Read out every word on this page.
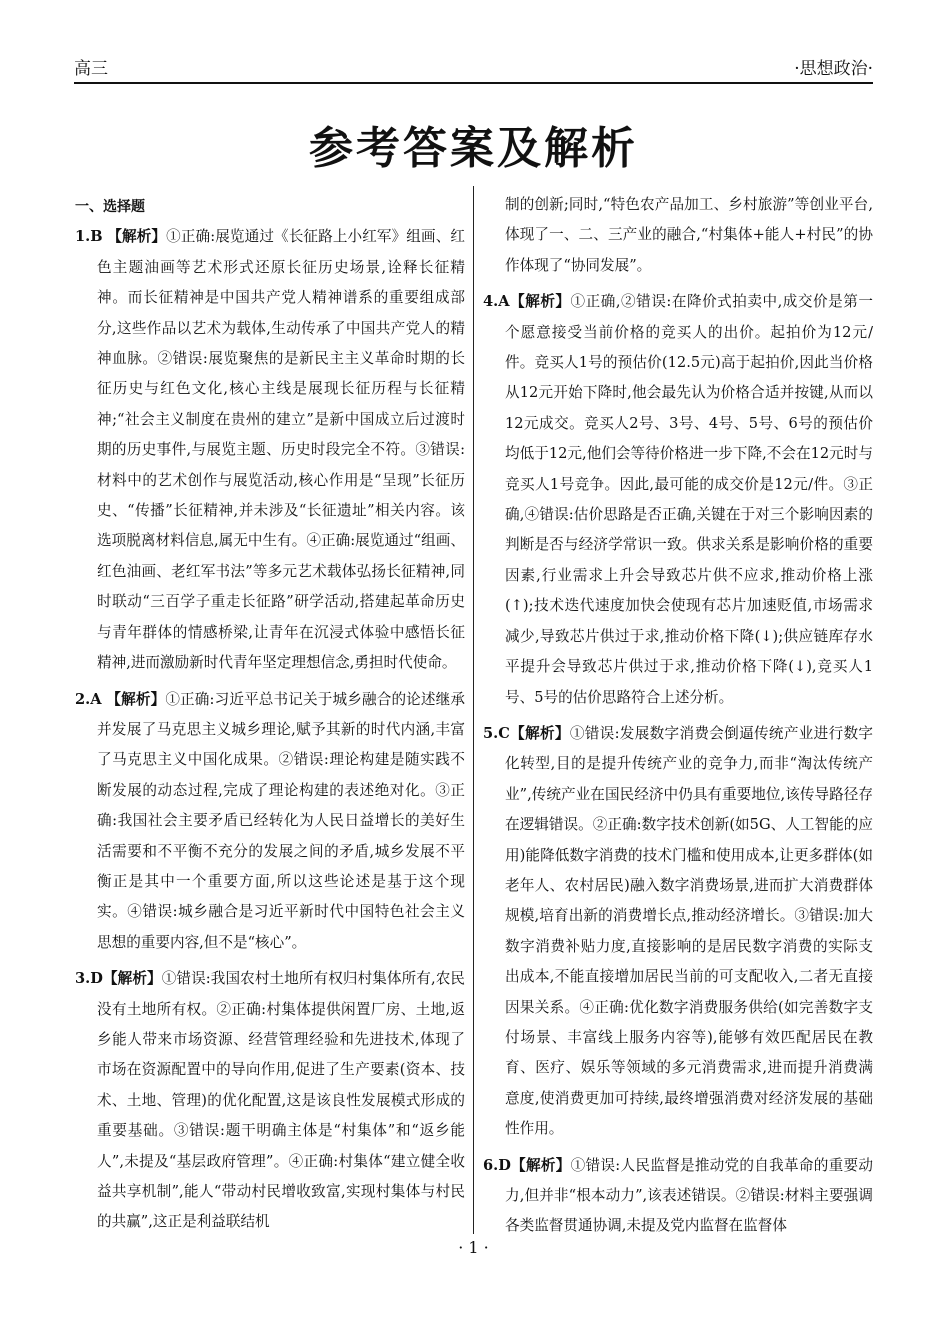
高三	·思想政治·
参考答案及解析
一、选择题

1.B 【解析】①正确:展览通过《长征路上小红军》组画、红色主题油画等艺术形式还原长征历史场景,诠释长征精神。而长征精神是中国共产党人精神谱系的重要组成部分,这些作品以艺术为载体,生动传承了中国共产党人的精神血脉。②错误:展览聚焦的是新民主主义革命时期的长征历史与红色文化,核心主线是展现长征历程与长征精神;“社会主义制度在贵州的建立”是新中国成立后过渡时期的历史事件,与展览主题、历史时段完全不符。③错误:材料中的艺术创作与展览活动,核心作用是“呈现”长征历史、“传播”长征精神,并未涉及“长征遗址”相关内容。该选项脱离材料信息,属无中生有。④正确:展览通过“组画、红色油画、老红军书法”等多元艺术载体弘扬长征精神,同时联动“三百学子重走长征路”研学活动,搭建起革命历史与青年群体的情感桥梁,让青年在沉浸式体验中感悟长征精神,进而激励新时代青年坚定理想信念,勇担时代使命。

2.A 【解析】①正确:习近平总书记关于城乡融合的论述继承并发展了马克思主义城乡理论,赋予其新的时代内涵,丰富了马克思主义中国化成果。②错误:理论构建是随实践不断发展的动态过程,完成了理论构建的表述绝对化。③正确:我国社会主要矛盾已经转化为人民日益增长的美好生活需要和不平衡不充分的发展之间的矛盾,城乡发展不平衡正是其中一个重要方面,所以这些论述是基于这个现实。④错误:城乡融合是习近平新时代中国特色社会主义思想的重要内容,但不是“核心”。

3.D【解析】①错误:我国农村土地所有权归村集体所有,农民没有土地所有权。②正确:村集体提供闲置厂房、土地,返乡能人带来市场资源、经营管理经验和先进技术,体现了市场在资源配置中的导向作用,促进了生产要素(资本、技术、土地、管理)的优化配置,这是该良性发展模式形成的重要基础。③错误:题干明确主体是“村集体”和“返乡能人”,未提及“基层政府管理”。④正确:村集体“建立健全收益共享机制”,能人“带动村民增收致富,实现村集体与村民的共赢”,这正是利益联结机

制的创新;同时,“特色农产品加工、乡村旅游”等创业平台,体现了一、二、三产业的融合,“村集体+能人+村民”的协作体现了“协同发展”。

4.A【解析】①正确,②错误:在降价式拍卖中,成交价是第一个愿意接受当前价格的竞买人的出价。起拍价为12元/件。竞买人1号的预估价(12.5元)高于起拍价,因此当价格从12元开始下降时,他会最先认为价格合适并按键,从而以12元成交。竞买人2号、3号、4号、5号、6号的预估价均低于12元,他们会等待价格进一步下降,不会在12元时与竞买人1号竞争。因此,最可能的成交价是12元/件。③正确,④错误:估价思路是否正确,关键在于对三个影响因素的判断是否与经济学常识一致。供求关系是影响价格的重要因素,行业需求上升会导致芯片供不应求,推动价格上涨(↑);技术迭代速度加快会使现有芯片加速贬值,市场需求减少,导致芯片供过于求,推动价格下降(↓);供应链库存水平提升会导致芯片供过于求,推动价格下降(↓),竞买人1号、5号的估价思路符合上述分析。

5.C【解析】①错误:发展数字消费会倒逼传统产业进行数字化转型,目的是提升传统产业的竞争力,而非“淘汰传统产业”,传统产业在国民经济中仍具有重要地位,该传导路径存在逻辑错误。②正确:数字技术创新(如5G、人工智能的应用)能降低数字消费的技术门槛和使用成本,让更多群体(如老年人、农村居民)融入数字消费场景,进而扩大消费群体规模,培育出新的消费增长点,推动经济增长。③错误:加大数字消费补贴力度,直接影响的是居民数字消费的实际支出成本,不能直接增加居民当前的可支配收入,二者无直接因果关系。④正确:优化数字消费服务供给(如完善数字支付场景、丰富线上服务内容等),能够有效匹配居民在教育、医疗、娱乐等领域的多元消费需求,进而提升消费满意度,使消费更加可持续,最终增强消费对经济发展的基础性作用。

6.D【解析】①错误:人民监督是推动党的自我革命的重要动力,但并非“根本动力”,该表述错误。②错误:材料主要强调各类监督贯通协调,未提及党内监督在监督体

· 1 ·
